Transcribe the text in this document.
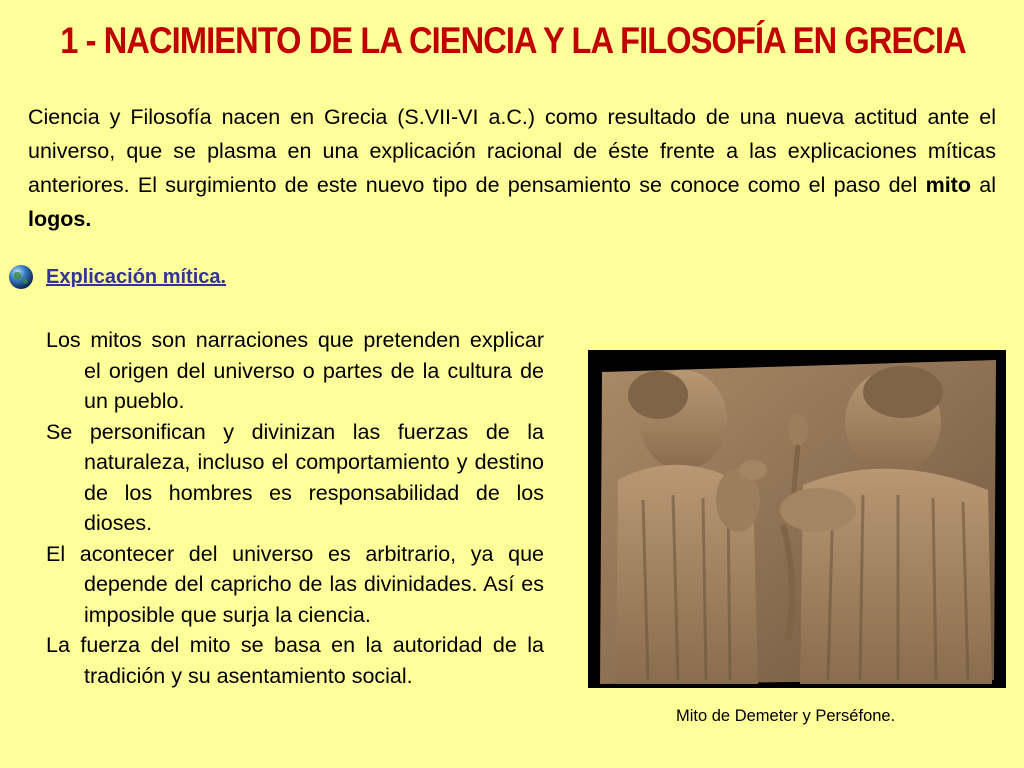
1 - NACIMIENTO DE LA CIENCIA Y LA FILOSOFÍA EN GRECIA
Ciencia y Filosofía nacen en Grecia (S.VII-VI a.C.) como resultado de una nueva actitud ante el universo, que se plasma en una explicación racional de éste frente a las explicaciones míticas anteriores. El surgimiento de este nuevo tipo de pensamiento se conoce como el paso del mito al logos.
Explicación mítica.
Los mitos son narraciones que pretenden explicar el origen del universo o partes de la cultura de un pueblo.
Se personifican y divinizan las fuerzas de la naturaleza, incluso el comportamiento y destino de los hombres es responsabilidad de los dioses.
El acontecer del universo es arbitrario, ya que depende del capricho de las divinidades. Así es imposible que surja la ciencia.
La fuerza del mito se basa en la autoridad de la tradición y su asentamiento social.
Mito de Demeter y Perséfone.
